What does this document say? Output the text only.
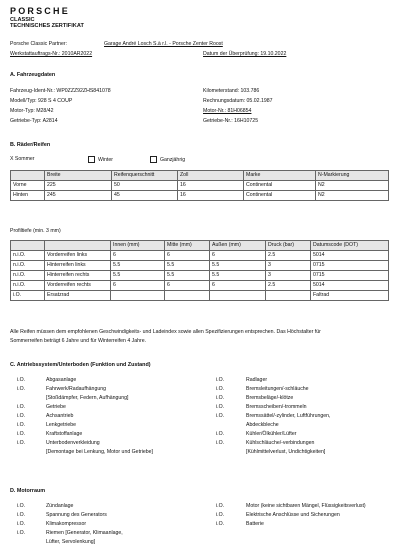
PORSCHE
CLASSIC
TECHNISCHES ZERTIFIKAT
Porsche Classic Partner:	Garage André Losch S.à r.l. - Porsche Zenter Roost
Werkstattauftrags-Nr.: 2010AR2022	Datum der Überprüfung: 19.10.2022
A. Fahrzeugdaten
Fahrzeug-Ident-Nr.: WP0ZZZ92ZHS841078
Modell/Typ: 928 S 4 COUP
Motor-Typ: M28/42
Getriebe-Typ: A2814
Kilometerstand: 103.786
Rechnungsdatum: 05.02.1987
Motor-Nr.: 81H06854
Getriebe-Nr.: 16H10725
B. Räder/Reifen
X Sommer	Winter	Ganzjährig
	Breite	Reifenquerschnitt	Zoll	Marke	N-Markierung
Vorne	225	50	16	Continental	N2
Hinten	245	45	16	Continental	N2
Profiltiefe (min. 3 mm)
		Innen (mm)	Mitte (mm)	Außen (mm)	Druck (bar)	Datumscode (DOT)
n.i.O.	Vorderreifen links	6	6	6	2.5	5014
n.i.O.	Hinterreifen links	5.5	5.5	5.5	3	0715
n.i.O.	Hinterreifen rechts	5.5	5.5	5.5	3	0715
n.i.O.	Vorderreifen rechts	6	6	6	2.5	5014
i.O.	Ersatzrad					Faltrad
Alle Reifen müssen dem empfohlenen Geschwindigkeits- und Ladeindex sowie allen Spezifizierungen entsprechen. Das Höchstalter für
Sommerreifen beträgt 6 Jahre und für Winterreifen 4 Jahre.
C. Antriebssystem/Unterboden (Funktion und Zustand)
i.O.	Abgasanlage
i.O.	Fahrwerk/Radaufhängung
[Stoßdämpfer, Federn, Aufhängung]
i.O.	Getriebe
i.O.	Achsantrieb
i.O.	Lenkgetriebe
i.O.	Kraftstoffanlage
i.O.	Unterbodenverkleidung
[Demontage bei Lenkung, Motor und Getriebe]
i.O.	Radlager
i.O.	Bremsleitungen/-schläuche
i.O.	Bremsbeläge/-klötze
i.O.	Bremsscheiben/-trommeln
i.O.	Bremssättel/-zylinder, Luftführungen,
Abdeckbleche
i.O.	Kühler/Ölkühler/Lüfter
i.O.	Kühlschläuche/-verbindungen
[Kühlmittelverlust, Undichtigkeiten]
D. Motorraum
i.O.	Zündanlage
i.O.	Spannung des Generators
i.O.	Klimakompressor
i.O.	Riemen [Generator, Klimaanlage,
Lüfter, Servolenkung]
i.O.	Motor (keine sichtbaren Mängel, Flüssigkeitsverlust)
i.O.	Elektrische Anschlüsse und Sicherungen
i.O.	Batterie
